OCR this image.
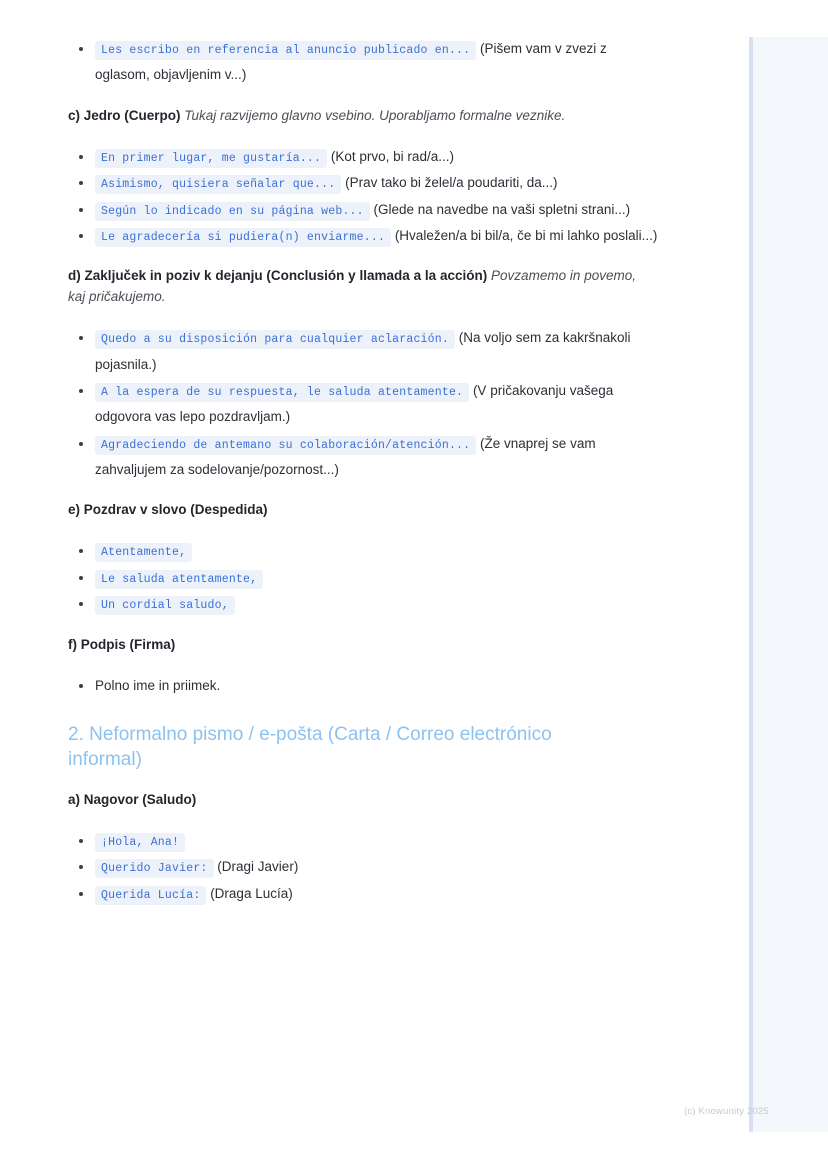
Les escribo en referencia al anuncio publicado en... (Pišem vam v zvezi z oglasom, objavljenim v...)

c) Jedro (Cuerpo) Tukaj razvijemo glavno vsebino. Uporabljamo formalne veznike.

En primer lugar, me gustaría... (Kot prvo, bi rad/a...)
Asimismo, quisiera señalar que... (Prav tako bi želel/a poudariti, da...)
Según lo indicado en su página web... (Glede na navedbe na vaši spletni strani...)
Le agradecería si pudiera(n) enviarme... (Hvaležen/a bi bil/a, če bi mi lahko poslali...)

d) Zaključek in poziv k dejanju (Conclusión y llamada a la acción) Povzamemo in povemo, kaj pričakujemo.

Quedo a su disposición para cualquier aclaración. (Na voljo sem za kakršnakoli pojasnila.)
A la espera de su respuesta, le saluda atentamente. (V pričakovanju vašega odgovora vas lepo pozdravljam.)
Agradeciendo de antemano su colaboración/atención... (Že vnaprej se vam zahvaljujem za sodelovanje/pozornost...)

e) Pozdrav v slovo (Despedida)

Atentamente,
Le saluda atentamente,
Un cordial saludo,

f) Podpis (Firma)

Polno ime in priimek.

2. Neformalno pismo / e-pošta (Carta / Correo electrónico informal)

a) Nagovor (Saludo)

¡Hola, Ana!
Querido Javier: (Dragi Javier)
Querida Lucía: (Draga Lucía)
(c) Knowunity 2025
